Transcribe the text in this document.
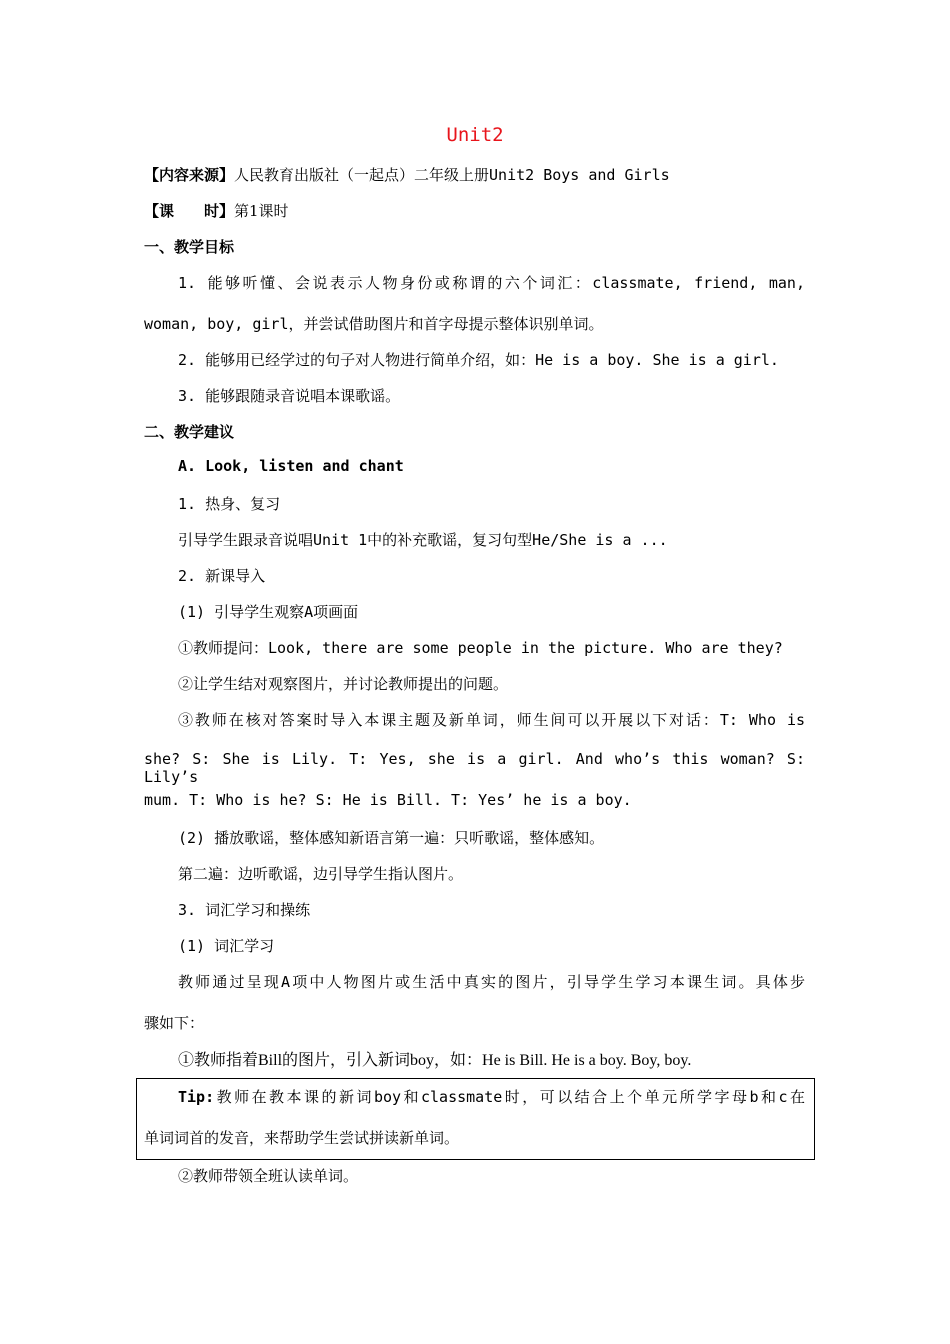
Unit2
【内容来源】人民教育出版社（一起点）二年级上册Unit2 Boys and Girls
【课　　时】第1课时
一、教学目标
1. 能够听懂、会说表示人物身份或称谓的六个词汇：classmate, friend, man,
woman, boy, girl，并尝试借助图片和首字母提示整体识别单词。
2. 能够用已经学过的句子对人物进行简单介绍，如：He is a boy. She is a girl.
3. 能够跟随录音说唱本课歌谣。
二、教学建议
A. Look, listen and chant
1. 热身、复习
引导学生跟录音说唱Unit 1中的补充歌谣，复习句型He/She is a ...
2. 新课导入
(1) 引导学生观察A项画面
①教师提问：Look, there are some people in the picture. Who are they?
②让学生结对观察图片，并讨论教师提出的问题。
③教师在核对答案时导入本课主题及新单词，师生间可以开展以下对话：T: Who is
she? S: She is Lily. T: Yes, she is a girl. And who’s this woman? S: Lily’s
mum. T: Who is he? S: He is Bill. T: Yes’ he is a boy.
(2) 播放歌谣，整体感知新语言第一遍：只听歌谣，整体感知。
第二遍：边听歌谣，边引导学生指认图片。
3. 词汇学习和操练
(1) 词汇学习
教师通过呈现A项中人物图片或生活中真实的图片，引导学生学习本课生词。具体步
骤如下：
①教师指着Bill的图片，引入新词boy，如：He is Bill. He is a boy. Boy, boy.
Tip:教师在教本课的新词boy和classmate时，可以结合上个单元所学字母b和c在
单词词首的发音，来帮助学生尝试拼读新单词。
②教师带领全班认读单词。
